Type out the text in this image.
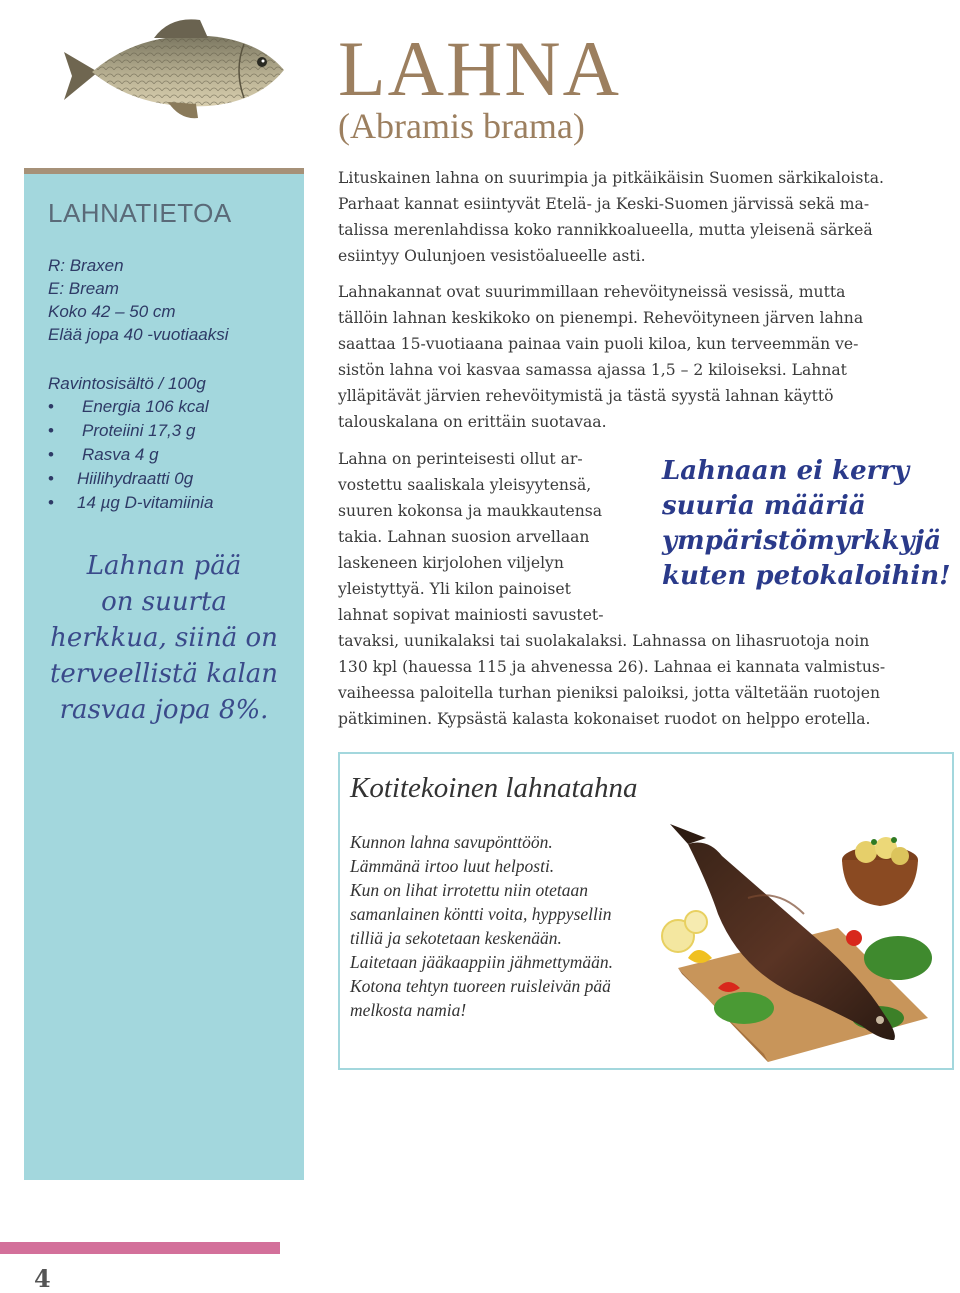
LAHNA
(Abramis brama)
LAHNATIETOA
R: Braxen
E: Bream
Koko 42 – 50 cm
Elää jopa 40 -vuotiaaksi
Ravintosisältö / 100g
• Energia 106 kcal
• Proteiini 17,3 g
• Rasva 4 g
• Hiilihydraatti 0g
• 14 µg D-vitamiinia
Lahnan pää
on suurta
herkkua, siinä on
terveellistä kalan
rasvaa jopa 8%.
Lituskainen lahna on suurimpia ja pitkäikäisin Suomen särkikaloista.
Parhaat kannat esiintyvät Etelä- ja Keski-Suomen järvissä sekä ma-
talissa merenlahdissa koko rannikkoalueella, mutta yleisenä särkeä
esiintyy Oulunjoen vesistöalueelle asti.
Lahnakannat ovat suurimmillaan rehevöityneissä vesissä, mutta
tällöin lahnan keskikoko on pienempi. Rehevöityneen järven lahna
saattaa 15-vuotiaana painaa vain puoli kiloa, kun terveemmän ve-
sistön lahna voi kasvaa samassa ajassa 1,5 – 2 kiloiseksi. Lahnat
ylläpitävät järvien rehevöitymistä ja tästä syystä lahnan käyttö
talouskalana on erittäin suotavaa.
Lahna on perinteisesti ollut ar-
vostettu saaliskala yleisyytensä,
suuren kokonsa ja maukkautensa
takia. Lahnan suosion arvellaan
laskeneen kirjolohen viljelyn
yleistyttyä. Yli kilon painoiset
lahnat sopivat mainiosti savustet-
tavaksi, uunikalaksi tai suolakalaksi. Lahnassa on lihasruotoja noin
130 kpl (hauessa 115 ja ahvenessa 26). Lahnaa ei kannata valmistus-
vaiheessa paloitella turhan pieniksi paloiksi, jotta vältetään ruotojen
pätkiminen. Kypsästä kalasta kokonaiset ruodot on helppo erotella.
Lahnaan ei kerry
suuria määriä
ympäristömyrkkyjä
kuten petokaloihin!
Kotitekoinen lahnatahna
Kunnon lahna savupönttöön.
Lämmänä irtoo luut helposti.
Kun on lihat irrotettu niin otetaan
samanlainen köntti voita, hyppysellin
tilliä ja sekotetaan keskenään.
Laitetaan jääkaappiin jähmettymään.
Kotona tehtyn tuoreen ruisleivän pää
melkosta namia!
4
